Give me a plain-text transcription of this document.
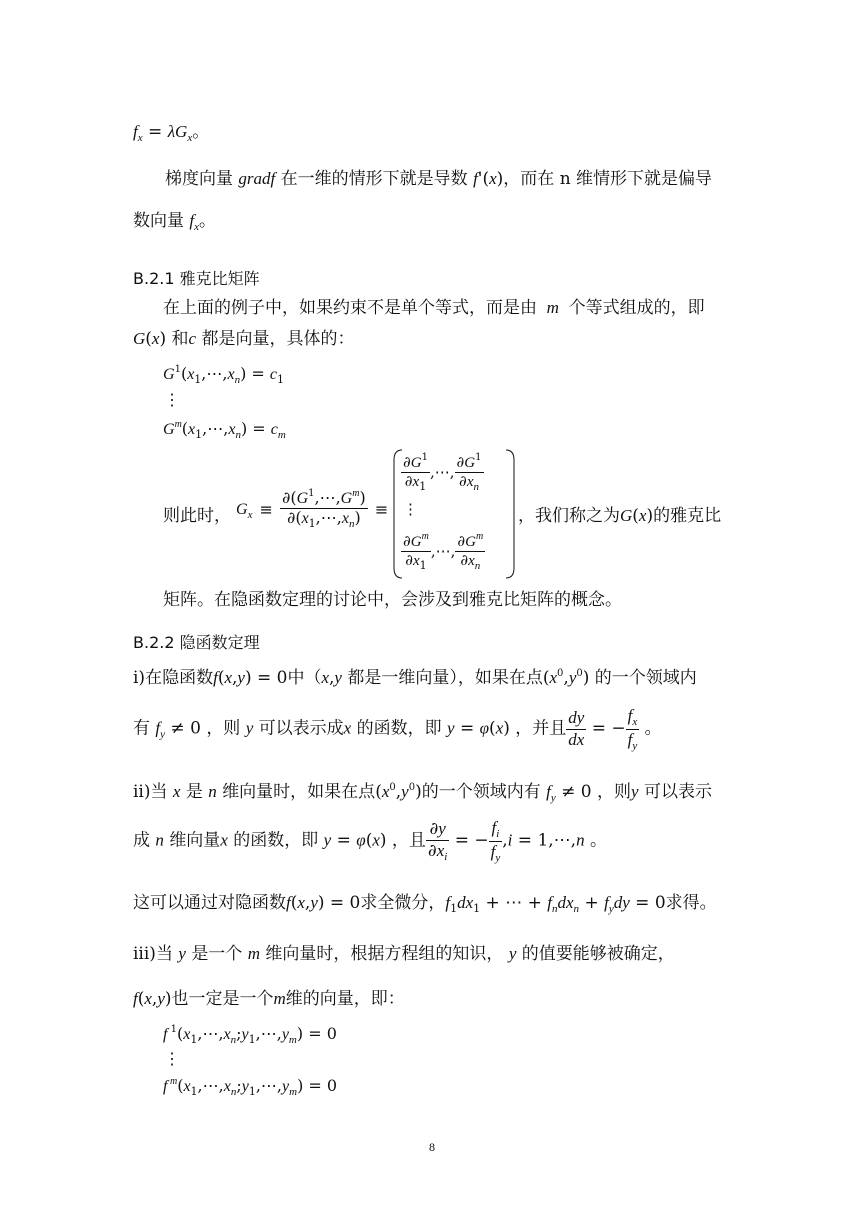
$f_x = \lambda G_x$。
梯度向量 gradf 在一维的情形下就是导数 f'(x)，而在 n 维情形下就是偏导
数向量 $f_x$。
B.2.1 雅克比矩阵
在上面的例子中，如果约束不是单个等式，而是由  m  个等式组成的，即
G(x) 和c 都是向量，具体的：
$G^1(x_1,\cdots,x_n) = c_1$
⋮
$G^m(x_1,\cdots,x_n) = c_m$
则此时， $G_x \equiv \frac{\partial(G^1,\cdots,G^m)}{\partial(x_1,\cdots,x_n)}$ ≡
$\frac{\partial G^1}{\partial x_1}$ ,⋯, $\frac{\partial G^1}{\partial x_n}$
⋮
$\frac{\partial G^m}{\partial x_1}$ ,⋯, $\frac{\partial G^m}{\partial x_n}$
，我们称之为G(x)的雅克比
矩阵。在隐函数定理的讨论中，会涉及到雅克比矩阵的概念。
B.2.2 隐函数定理
i)在隐函数f(x,y) = 0中（x,y 都是一维向量），如果在点$(x^0,y^0)$ 的一个领域内
有 $f_y \ne 0$ ，则 y 可以表示成x 的函数，即 y = φ(x) ，并且 $\frac{dy}{dx}$ = − $\frac{f_x}{f_y}$ 。
ii)当 x 是 n 维向量时，如果在点$(x^0,y^0)$的一个领域内有 $f_y \ne 0$ ，则y 可以表示
成 n 维向量x 的函数，即 y = φ(x) ，且 $\frac{\partial y}{\partial x_i}$ = − $\frac{f_i}{f_y} ,i$ = 1,⋯,n 。
这可以通过对隐函数f(x,y) = 0求全微分，$f_1dx_1$ + ⋯ + $f_ndx_n + f_ydy = 0$求得。
iii)当 y 是一个 m 维向量时，根据方程组的知识， y 的值要能够被确定，
f(x,y)也一定是一个m维的向量，即：
f $^1(x_1,\cdots,x_n;y_1,\cdots,y_m) = 0$
⋮
f $^m(x_1,\cdots,x_n;y_1,\cdots,y_m) = 0$
8
